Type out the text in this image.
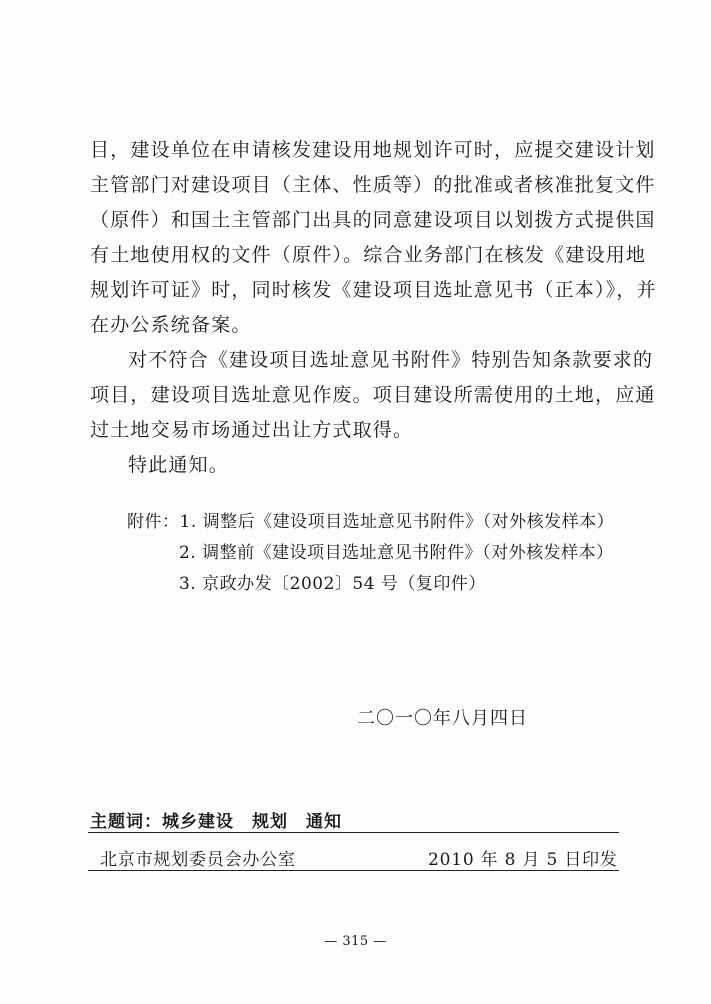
目，建设单位在申请核发建设用地规划许可时，应提交建设计划
主管部门对建设项目（主体、性质等）的批准或者核准批复文件
（原件）和国土主管部门出具的同意建设项目以划拨方式提供国
有土地使用权的文件（原件）。综合业务部门在核发《建设用地
规划许可证》时，同时核发《建设项目选址意见书（正本）》，并
在办公系统备案。
对不符合《建设项目选址意见书附件》特别告知条款要求的
项目，建设项目选址意见作废。项目建设所需使用的土地，应通
过土地交易市场通过出让方式取得。
特此通知。
附件：1. 调整后《建设项目选址意见书附件》（对外核发样本）
2. 调整前《建设项目选址意见书附件》（对外核发样本）
3. 京政办发〔2002〕54 号（复印件）
二〇一〇年八月四日
主题词：城乡建设　规划　通知
北京市规划委员会办公室	2010 年 8 月 5 日印发
— 315 —
